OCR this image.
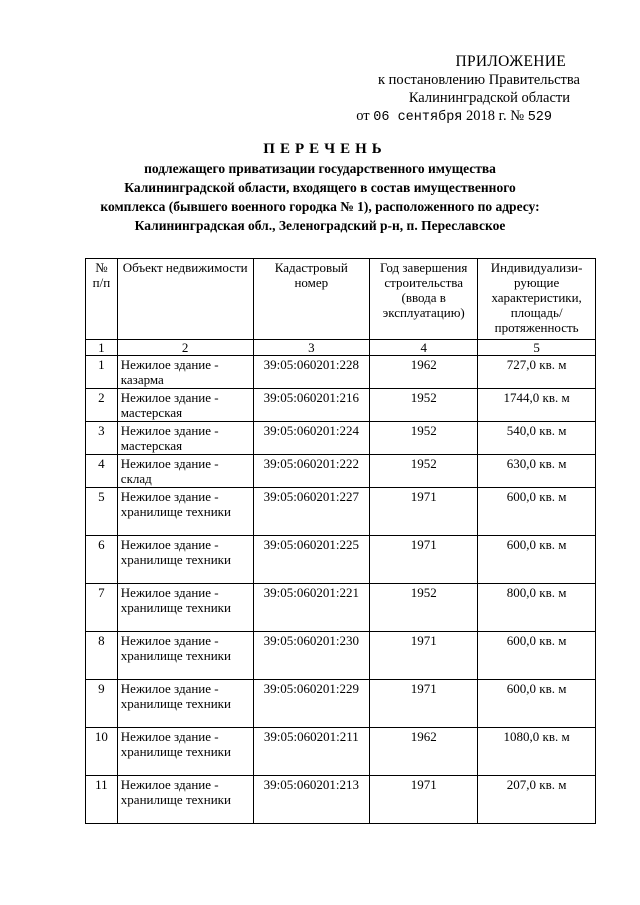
ПРИЛОЖЕНИЕ
к постановлению Правительства
Калининградской области
от 06 сентября 2018 г. № 529
ПЕРЕЧЕНЬ
подлежащего приватизации государственного имущества
Калининградской области, входящего в состав имущественного
комплекса (бывшего военного городка № 1), расположенного по адресу:
Калининградская обл., Зеленоградский р-н, п. Переславское
№ п/п	Объект недвижимости	Кадастровый номер	Год завершения строительства (ввода в эксплуатацию)	Индивидуализи- рующие характеристики, площадь/ протяженность
1	2	3	4	5
1	Нежилое здание - казарма	39:05:060201:228	1962	727,0 кв. м
2	Нежилое здание - мастерская	39:05:060201:216	1952	1744,0 кв. м
3	Нежилое здание - мастерская	39:05:060201:224	1952	540,0 кв. м
4	Нежилое здание - склад	39:05:060201:222	1952	630,0 кв. м
5	Нежилое здание - хранилище техники	39:05:060201:227	1971	600,0 кв. м
6	Нежилое здание - хранилище техники	39:05:060201:225	1971	600,0 кв. м
7	Нежилое здание - хранилище техники	39:05:060201:221	1952	800,0 кв. м
8	Нежилое здание - хранилище техники	39:05:060201:230	1971	600,0 кв. м
9	Нежилое здание - хранилище техники	39:05:060201:229	1971	600,0 кв. м
10	Нежилое здание - хранилище техники	39:05:060201:211	1962	1080,0 кв. м
11	Нежилое здание - хранилище техники	39:05:060201:213	1971	207,0 кв. м
